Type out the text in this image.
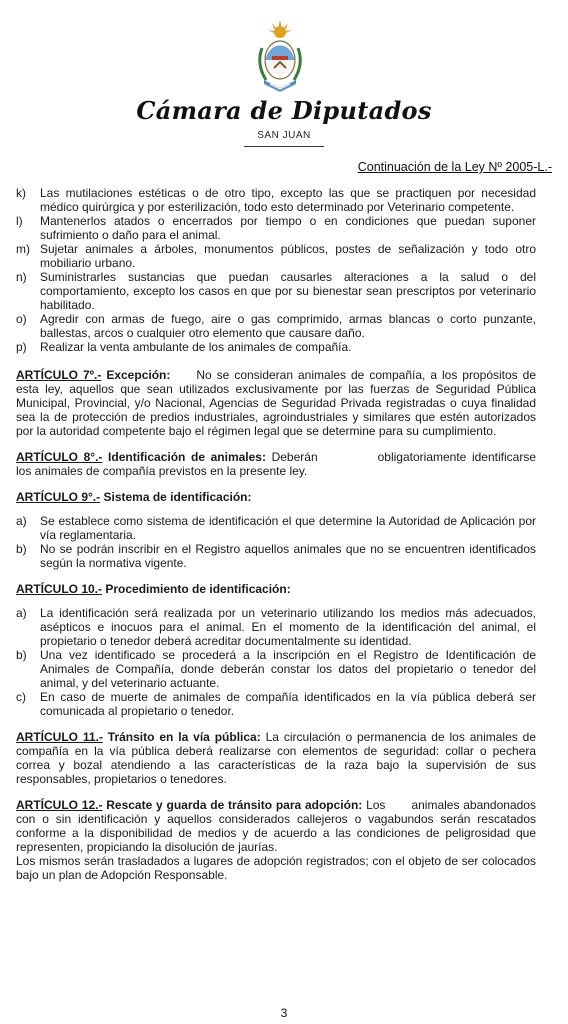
Cámara de Diputados
SAN JUAN
Continuación de la Ley Nº 2005-L.-

k) Las mutilaciones estéticas o de otro tipo, excepto las que se practiquen por necesidad médico quirúrgica y por esterilización, todo esto determinado por Veterinario competente.

l) Mantenerlos atados o encerrados por tiempo o en condiciones que puedan suponer sufrimiento o daño para el animal.

m) Sujetar animales a árboles, monumentos públicos, postes de señalización y todo otro mobiliario urbano.

n) Suministrarles sustancias que puedan causarles alteraciones a la salud o del comportamiento, excepto los casos en que por su bienestar sean prescriptos por veterinario habilitado.

o) Agredir con armas de fuego, aire o gas comprimido, armas blancas o corto punzante, ballestas, arcos o cualquier otro elemento que causare daño.

p) Realizar la venta ambulante de los animales de compañía.

ARTÍCULO 7º.- Excepción: No se consideran animales de compañía, a los propósitos de esta ley, aquellos que sean utilizados exclusivamente por las fuerzas de Seguridad Pública Municipal, Provincial, y/o Nacional, Agencias de Seguridad Privada registradas o cuya finalidad sea la de protección de predios industriales, agroindustriales y similares que estén autorizados por la autoridad competente bajo el régimen legal que se determine para su cumplimiento.

ARTÍCULO 8°.- Identificación de animales: Deberán	obligatoriamente identificarse los animales de compañía previstos en la presente ley.

ARTÍCULO 9°.- Sistema de identificación:

a) Se establece como sistema de identificación el que determine la Autoridad de Aplicación por vía reglamentaria.

b) No se podrán inscribir en el Registro aquellos animales que no se encuentren identificados según la normativa vigente.

ARTÍCULO 10.- Procedimiento de identificación:

a) La identificación será realizada por un veterinario utilizando los medios más adecuados, asépticos e inocuos para el animal. En el momento de la identificación del animal, el propietario o tenedor deberá acreditar documentalmente su identidad.

b) Una vez identificado se procederá a la inscripción en el Registro de Identificación de Animales de Compañía, donde deberán constar los datos del propietario o tenedor del animal, y del veterinario actuante.

c) En caso de muerte de animales de compañía identificados en la vía pública deberá ser comunicada al propietario o tenedor.

ARTÍCULO 11.- Tránsito en la vía pública: La circulación o permanencia de los animales de compañía en la vía pública deberá realizarse con elementos de seguridad: collar o pechera correa y bozal atendiendo a las características de la raza bajo la supervisión de sus responsables, propietarios o tenedores.

ARTÍCULO 12.- Rescate y guarda de tránsito para adopción: Los animales abandonados con o sin identificación y aquellos considerados callejeros o vagabundos serán rescatados conforme a la disponibilidad de medios y de acuerdo a las condiciones de peligrosidad que representen, propiciando la disolución de jaurías.

Los mismos serán trasladados a lugares de adopción registrados; con el objeto de ser colocados bajo un plan de Adopción Responsable.

3
